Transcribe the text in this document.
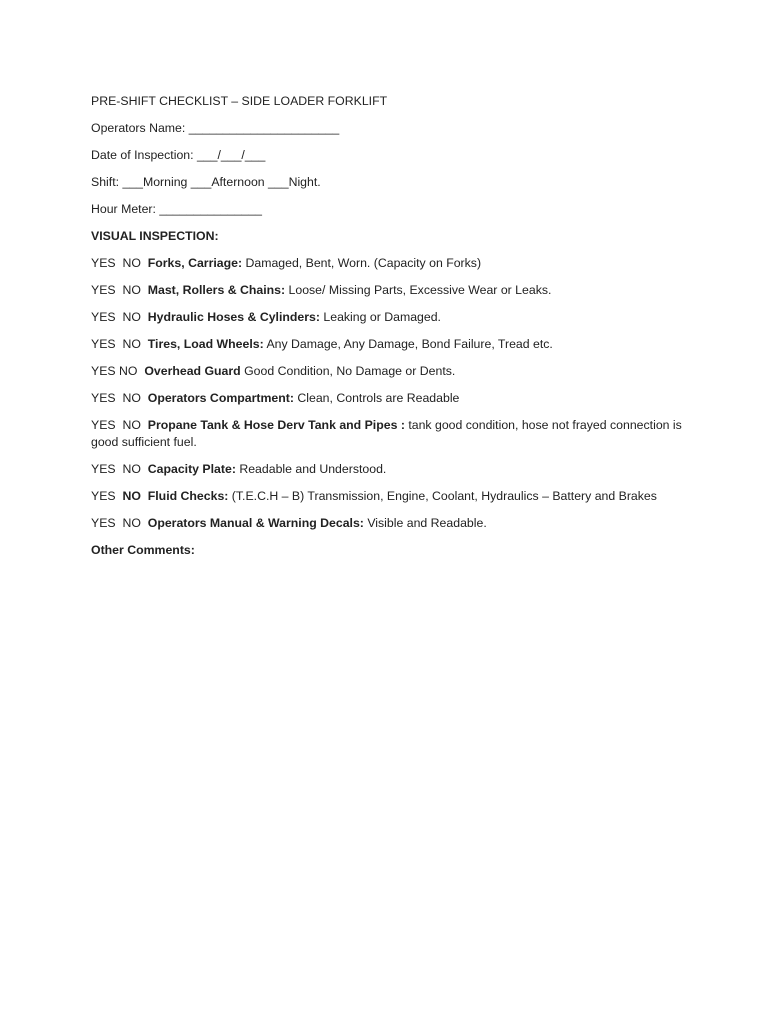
PRE-SHIFT CHECKLIST – SIDE LOADER FORKLIFT

Operators Name: ______________________

Date of Inspection: ___/___/___

Shift: ___Morning ___Afternoon ___Night.

Hour Meter: _______________

VISUAL INSPECTION:

YES NO Forks, Carriage: Damaged, Bent, Worn. (Capacity on Forks)

YES NO Mast, Rollers & Chains: Loose/ Missing Parts, Excessive Wear or Leaks.

YES NO Hydraulic Hoses & Cylinders: Leaking or Damaged.

YES NO Tires, Load Wheels: Any Damage, Any Damage, Bond Failure, Tread etc.

YES NO Overhead Guard Good Condition, No Damage or Dents.

YES NO Operators Compartment: Clean, Controls are Readable

YES NO Propane Tank & Hose Derv Tank and Pipes : tank good condition, hose not frayed connection is good sufficient fuel.

YES NO Capacity Plate: Readable and Understood.

YES NO Fluid Checks: (T.E.C.H – B) Transmission, Engine, Coolant, Hydraulics – Battery and Brakes

YES NO Operators Manual & Warning Decals: Visible and Readable.

Other Comments:
